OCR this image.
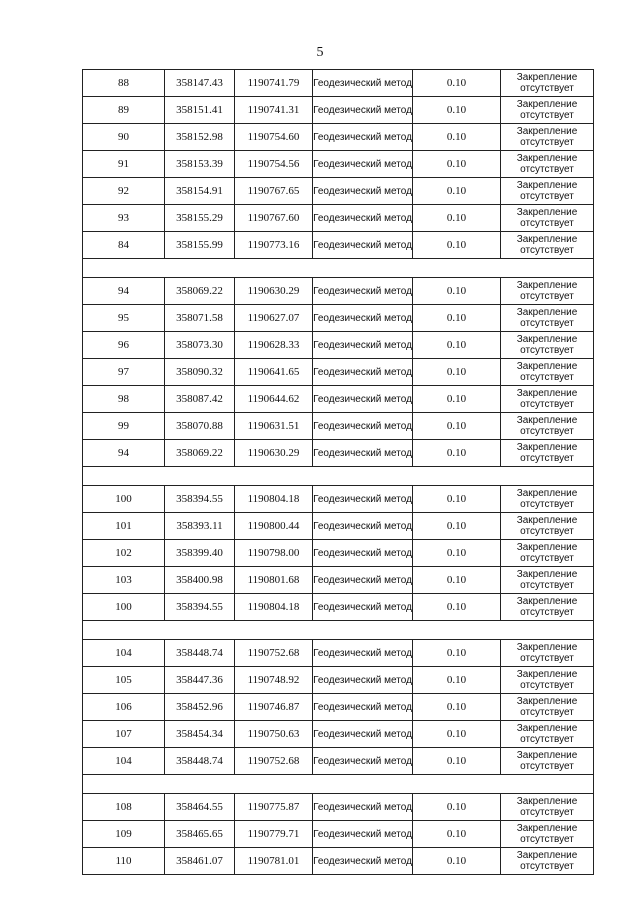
5
88	358147.43	1190741.79	Геодезический метод	0.10	Закрепление отсутствует
89	358151.41	1190741.31	Геодезический метод	0.10	Закрепление отсутствует
90	358152.98	1190754.60	Геодезический метод	0.10	Закрепление отсутствует
91	358153.39	1190754.56	Геодезический метод	0.10	Закрепление отсутствует
92	358154.91	1190767.65	Геодезический метод	0.10	Закрепление отсутствует
93	358155.29	1190767.60	Геодезический метод	0.10	Закрепление отсутствует
84	358155.99	1190773.16	Геодезический метод	0.10	Закрепление отсутствует

94	358069.22	1190630.29	Геодезический метод	0.10	Закрепление отсутствует
95	358071.58	1190627.07	Геодезический метод	0.10	Закрепление отсутствует
96	358073.30	1190628.33	Геодезический метод	0.10	Закрепление отсутствует
97	358090.32	1190641.65	Геодезический метод	0.10	Закрепление отсутствует
98	358087.42	1190644.62	Геодезический метод	0.10	Закрепление отсутствует
99	358070.88	1190631.51	Геодезический метод	0.10	Закрепление отсутствует
94	358069.22	1190630.29	Геодезический метод	0.10	Закрепление отсутствует

100	358394.55	1190804.18	Геодезический метод	0.10	Закрепление отсутствует
101	358393.11	1190800.44	Геодезический метод	0.10	Закрепление отсутствует
102	358399.40	1190798.00	Геодезический метод	0.10	Закрепление отсутствует
103	358400.98	1190801.68	Геодезический метод	0.10	Закрепление отсутствует
100	358394.55	1190804.18	Геодезический метод	0.10	Закрепление отсутствует

104	358448.74	1190752.68	Геодезический метод	0.10	Закрепление отсутствует
105	358447.36	1190748.92	Геодезический метод	0.10	Закрепление отсутствует
106	358452.96	1190746.87	Геодезический метод	0.10	Закрепление отсутствует
107	358454.34	1190750.63	Геодезический метод	0.10	Закрепление отсутствует
104	358448.74	1190752.68	Геодезический метод	0.10	Закрепление отсутствует

108	358464.55	1190775.87	Геодезический метод	0.10	Закрепление отсутствует
109	358465.65	1190779.71	Геодезический метод	0.10	Закрепление отсутствует
110	358461.07	1190781.01	Геодезический метод	0.10	Закрепление отсутствует
